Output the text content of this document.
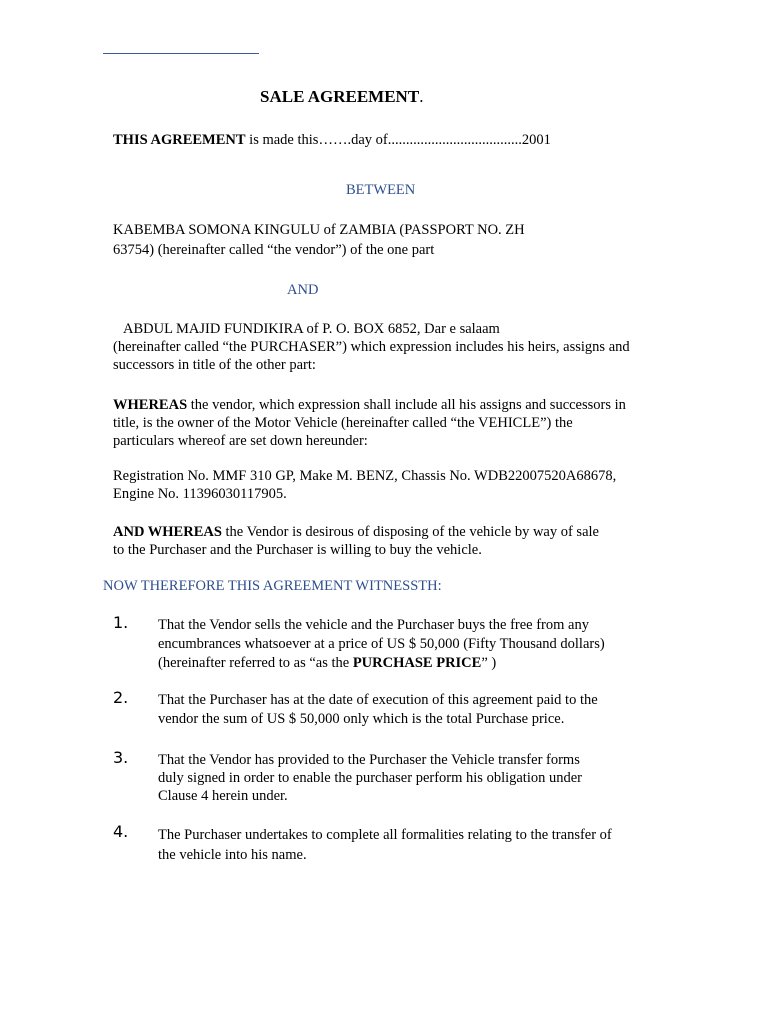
SALE AGREEMENT.
THIS AGREEMENT is made this…….day of.....................................2001
BETWEEN
KABEMBA SOMONA KINGULU of ZAMBIA (PASSPORT NO. ZH
63754) (hereinafter called “the vendor”) of the one part
AND
ABDUL MAJID FUNDIKIRA of P. O. BOX 6852, Dar e salaam
(hereinafter called “the PURCHASER”) which expression includes his heirs, assigns and
successors in title of the other part:
WHEREAS the vendor, which expression shall include all his assigns and successors in
title, is the owner of the Motor Vehicle (hereinafter called “the VEHICLE”) the
particulars whereof are set down hereunder:
Registration No. MMF 310 GP, Make M. BENZ, Chassis No. WDB22007520A68678,
Engine No. 11396030117905.
AND WHEREAS the Vendor is desirous of disposing of the vehicle by way of sale
to the Purchaser and the Purchaser is willing to buy the vehicle.
NOW THEREFORE THIS AGREEMENT WITNESSTH:
1. That the Vendor sells the vehicle and the Purchaser buys the free from any
encumbrances whatsoever at a price of US $ 50,000 (Fifty Thousand dollars)
(hereinafter referred to as “as the PURCHASE PRICE” )
2. That the Purchaser has at the date of execution of this agreement paid to the
vendor the sum of US $ 50,000 only which is the total Purchase price.
3. That the Vendor has provided to the Purchaser the Vehicle transfer forms
duly signed in order to enable the purchaser perform his obligation under
Clause 4 herein under.
4. The Purchaser undertakes to complete all formalities relating to the transfer of
the vehicle into his name.
